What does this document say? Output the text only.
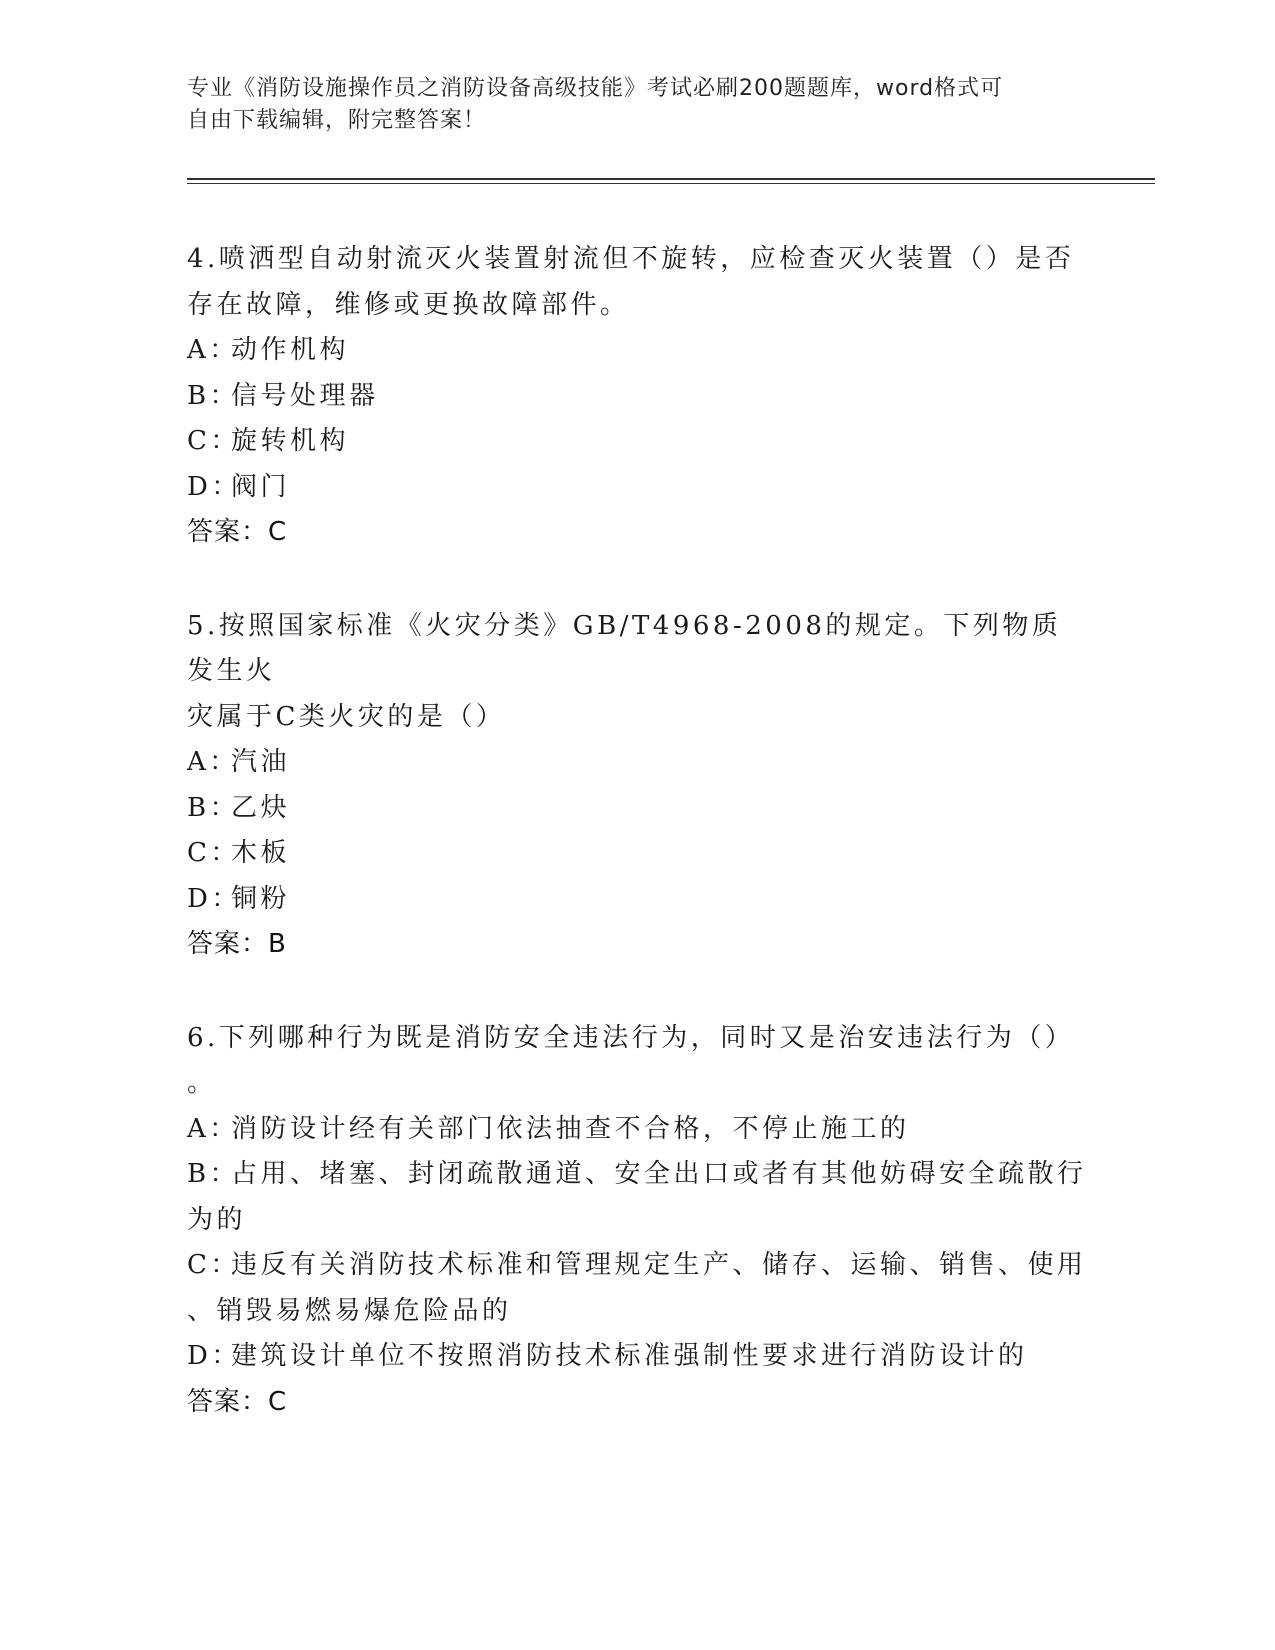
专业《消防设施操作员之消防设备高级技能》考试必刷200题题库，word格式可
自由下载编辑，附完整答案！
4.喷洒型自动射流灭火装置射流但不旋转，应检查灭火装置（）是否
存在故障，维修或更换故障部件。
A：动作机构
B：信号处理器
C：旋转机构
D：阀门
答案：C
5.按照国家标准《火灾分类》GB/T4968-2008的规定。下列物质发生火
灾属于C类火灾的是（）
A：汽油
B：乙炔
C：木板
D：铜粉
答案：B
6.下列哪种行为既是消防安全违法行为，同时又是治安违法行为（）
。
A：消防设计经有关部门依法抽查不合格，不停止施工的
B：占用、堵塞、封闭疏散通道、安全出口或者有其他妨碍安全疏散行
为的
C：违反有关消防技术标准和管理规定生产、储存、运输、销售、使用
、销毁易燃易爆危险品的
D：建筑设计单位不按照消防技术标准强制性要求进行消防设计的
答案：C
